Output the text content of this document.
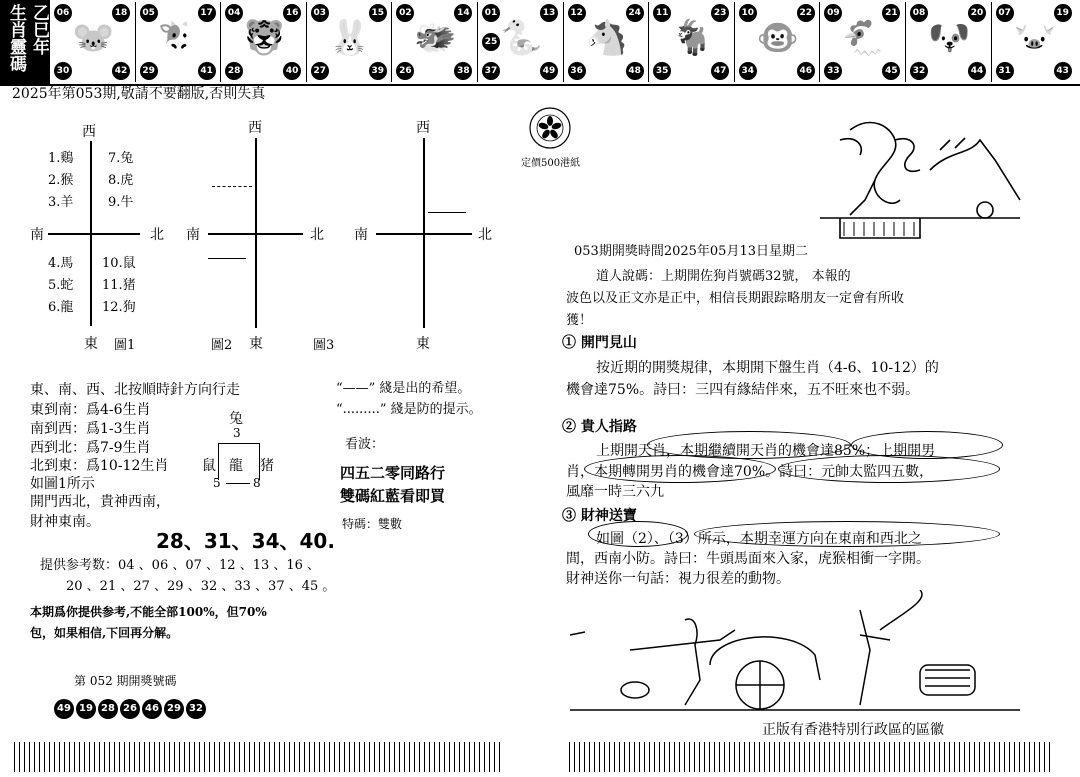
生肖靈碼 乙巳年 🐭
06	18
30	42
🐮
05	17
29	41
🐯
04	16
28	40
🐰
03	15
27	39
🐲
02	14
26	38
🐍
01	13
37	49
25	🐴
12	24
36	48
🐐
11	23
35	47
🐵
10	22
34	46
🐔
09	21
33	45
🐶
08	20
32	44
🐷
07	19
31	43
2025年第053期,敬請不要翻版,否則失真
西
南	北
東 圖1
1.鷄
2.猴
3.羊
7.兔
8.虎
9.牛
4.馬
5.蛇
6.龍
10.鼠
11.猪
12.狗
西
南	北
圖2 東	圖3
西
南	北
東
東、南、西、北按順時針方向行走
東到南：爲4-6生肖
南到西：爲1-3生肖
西到北：爲7-9生肖
北到東：爲10-12生肖
如圖1所示
開門西北，貴神西南，
財神東南。
兔
3
鼠 龍 猪
5	8
“——” 綫是出的希望。
“.........” 綫是防的提示。
看波：
四五二零同路行
雙碼紅藍看即買
特碼：雙數
28、31、34、40.
提供参考数：04 、06 、07 、12 、13 、16 、
20 、21 、27 、29 、32 、33 、37 、45 。
本期爲你提供参考,不能全部100%，但70%
包，如果相信,下回再分解。
第 052 期開獎號碼
49 19 28 26 46 29 32
定價500港紙
053期開獎時間2025年05月13日星期二
道人說碼：上期開佐狗肖號碼32號， 本報的
波色以及正文亦是正中，相信長期跟踪略朋友一定會有所收
獲！
① 開門見山
按近期的開獎規律，本期開下盤生肖（4-6、10-12）的
機會達75%。詩曰：三四有緣結伴來，五不旺來也不弱。
② 貴人指路
上期開天肖，本期繼續開天肖的機會達85%；上期開男
肖，本期轉開男肖的機會達70%。詩曰：元帥太監四五數，
風靡一時三六九
③ 財神送寶
如圖（2）、（3）所示，本期幸運方向在東南和西北之
間，西南小防。詩曰：牛頭馬面來入家，虎猴相衝一字開。
財神送你一句話：視力很差的動物。
正版有香港特別行政區的區徽
